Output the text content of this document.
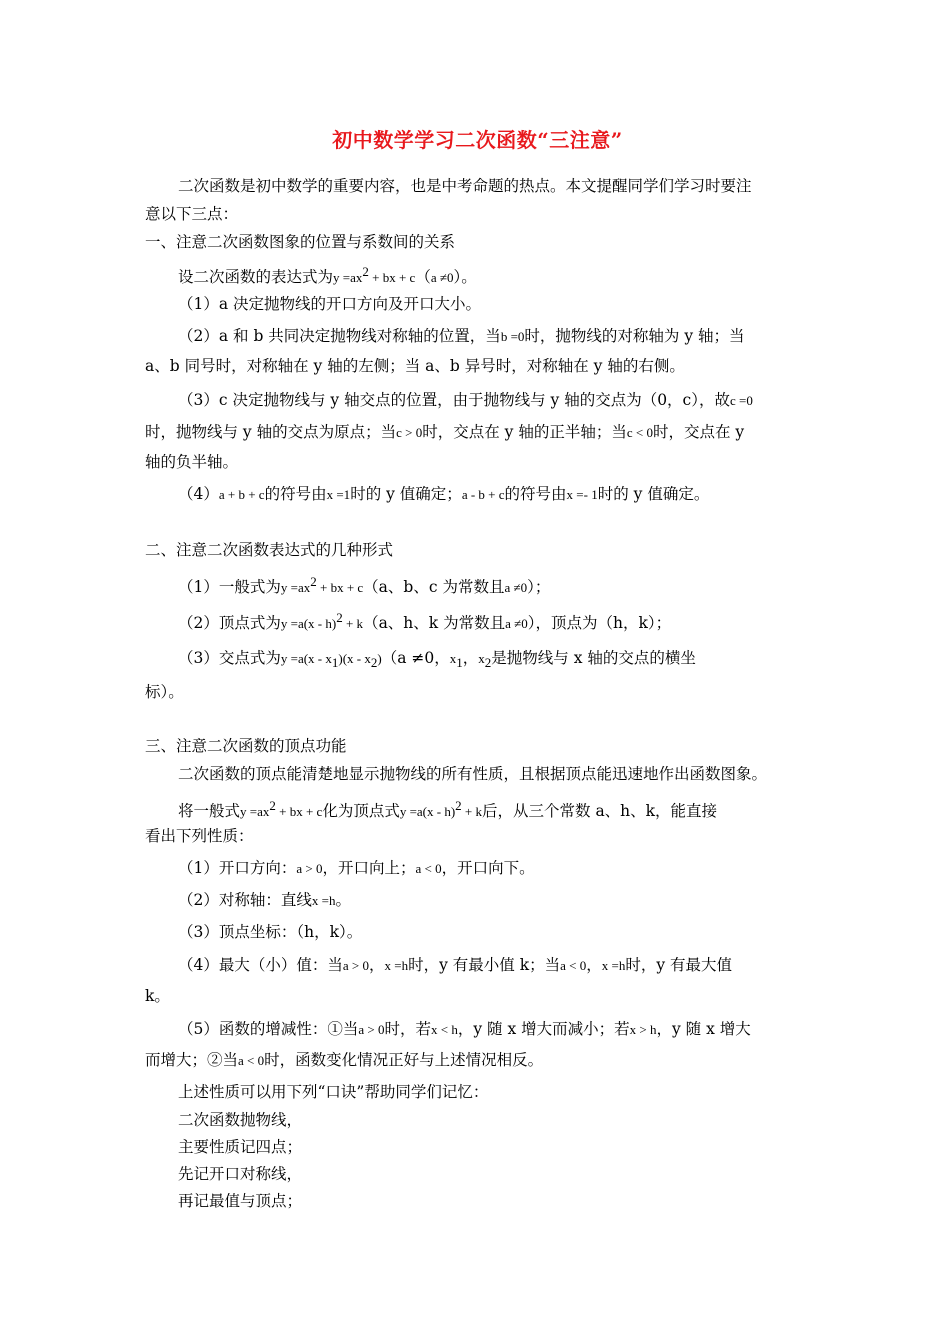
初中数学学习二次函数“三注意”
二次函数是初中数学的重要内容，也是中考命题的热点。本文提醒同学们学习时要注
意以下三点：
一、注意二次函数图象的位置与系数间的关系
设二次函数的表达式为$y =ax^2$ + bx + c（a ≠0）。
（1）a 决定抛物线的开口方向及开口大小。
（2）a 和 b 共同决定抛物线对称轴的位置，当b =0时，抛物线的对称轴为 y 轴；当
a、b 同号时，对称轴在 y 轴的左侧；当 a、b 异号时，对称轴在 y 轴的右侧。
（3）c 决定抛物线与 y 轴交点的位置，由于抛物线与 y 轴的交点为（0，c），故c =0
时，抛物线与 y 轴的交点为原点；当c > 0时，交点在 y 轴的正半轴；当c < 0时，交点在 y
轴的负半轴。
（4）a + b + c的符号由x =1时的 y 值确定；a - b + c的符号由x =- 1时的 y 值确定。
二、注意二次函数表达式的几种形式
（1）一般式为$y =ax^2$ + bx + c（a、b、c 为常数且a ≠0）；
（2）顶点式为y =a(x - h)$^2$ + k（a、h、k 为常数且a ≠0），顶点为（h，k）；
（3）交点式为$y =a(x - x_1)(x - x_2)(a \ne 0$，$x_1$，$x_2$是抛物线与 x 轴的交点的横坐
标）。
三、注意二次函数的顶点功能
二次函数的顶点能清楚地显示抛物线的所有性质，且根据顶点能迅速地作出函数图象。
将一般式$y =ax^2$ + bx + c化为顶点式y =a(x - h)$^2$ + k后，从三个常数 a、h、k，能直接
看出下列性质：
（1）开口方向：a > 0，开口向上；a < 0，开口向下。
（2）对称轴：直线x =h。
（3）顶点坐标：（h，k）。
（4）最大（小）值：当a > 0，x =h时，y 有最小值 k；当a < 0，x =h时，y 有最大值
k。
（5）函数的增减性：①当a > 0时，若x < h，y 随 x 增大而减小；若x > h，y 随 x 增大
而增大；②当a < 0时，函数变化情况正好与上述情况相反。
上述性质可以用下列“口诀”帮助同学们记忆：
二次函数抛物线，
主要性质记四点；
先记开口对称线，
再记最值与顶点；
